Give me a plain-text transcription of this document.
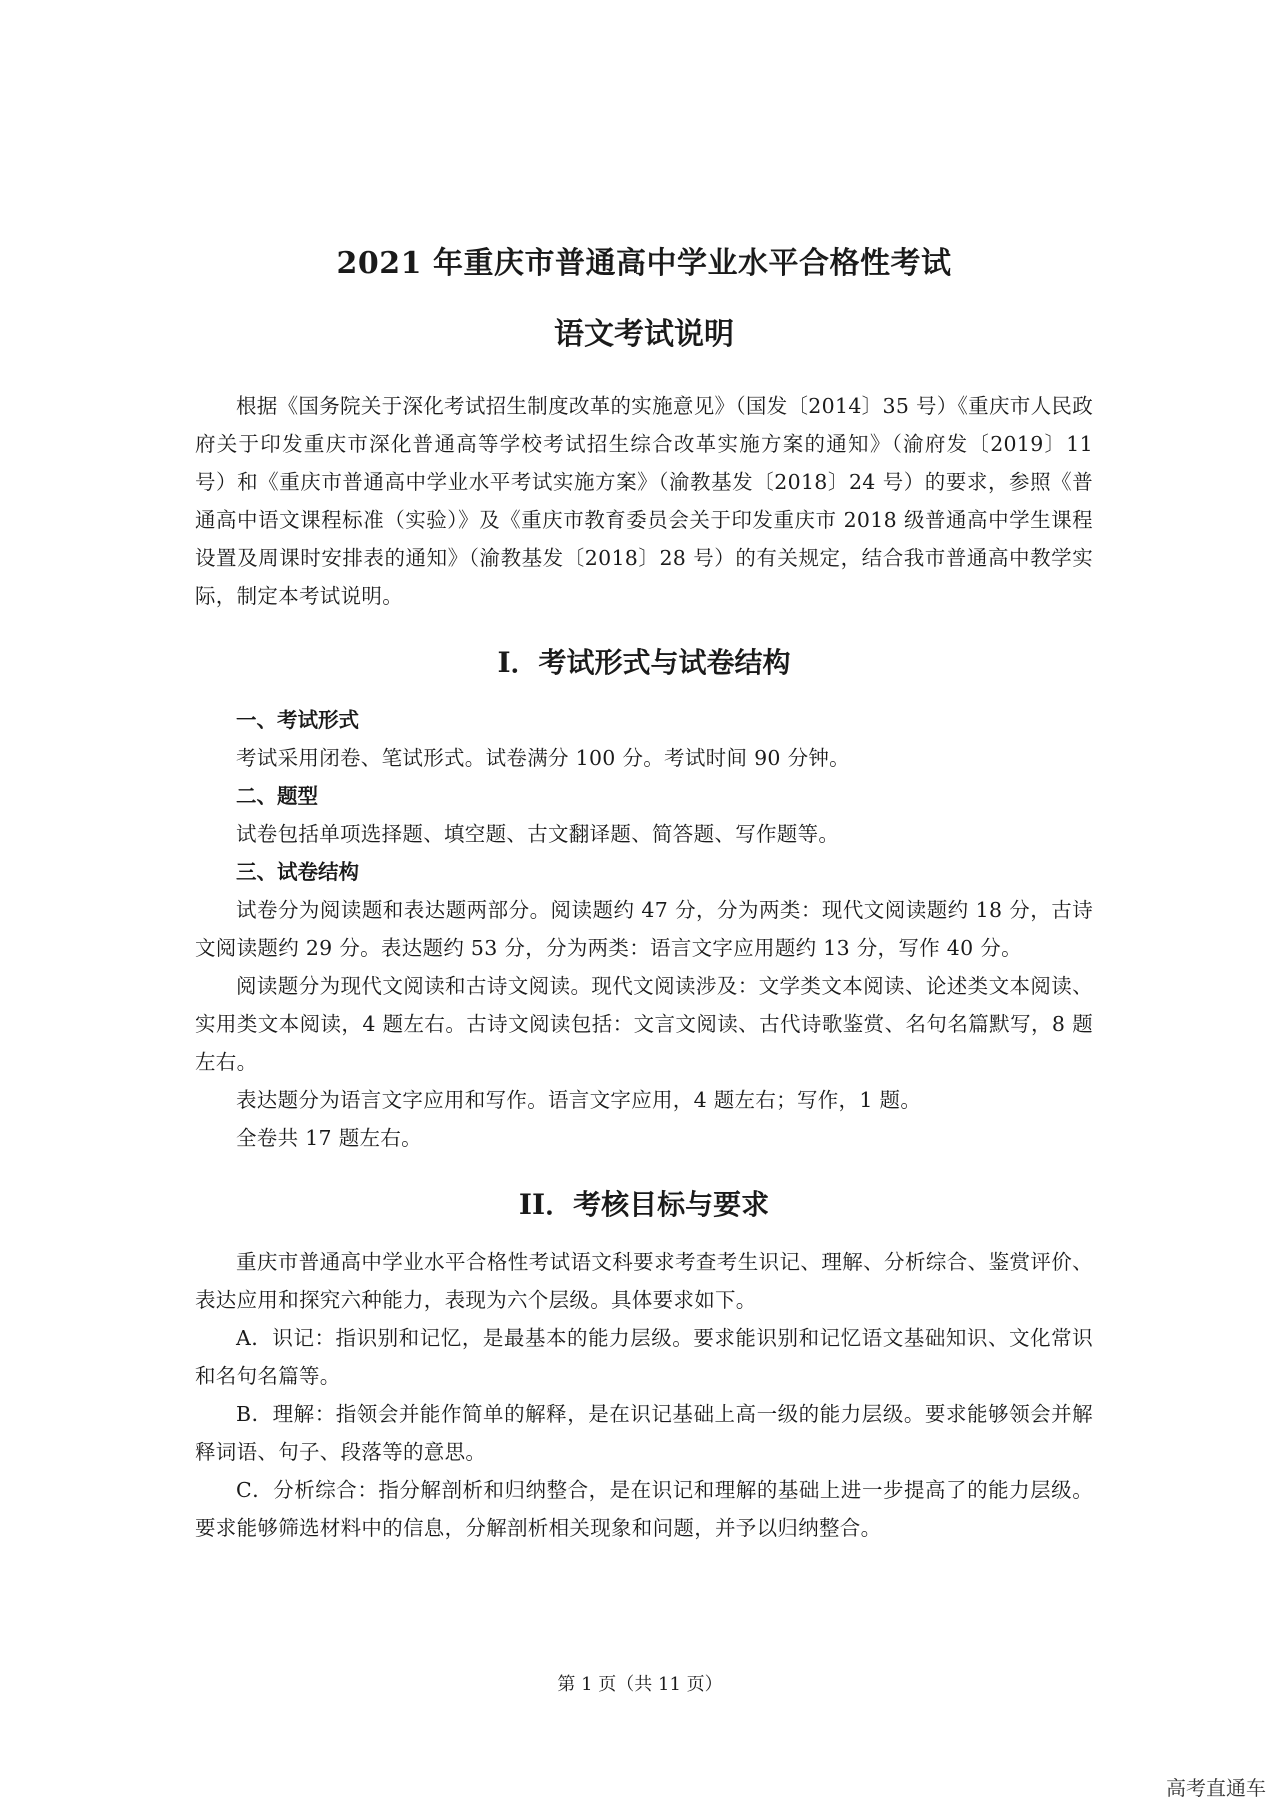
2021 年重庆市普通高中学业水平合格性考试
语文考试说明

根据《国务院关于深化考试招生制度改革的实施意见》（国发〔2014〕35 号）《重庆市人民政府关于印发重庆市深化普通高等学校考试招生综合改革实施方案的通知》（渝府发〔2019〕11 号）和《重庆市普通高中学业水平考试实施方案》（渝教基发〔2018〕24 号）的要求，参照《普通高中语文课程标准（实验）》及《重庆市教育委员会关于印发重庆市 2018 级普通高中学生课程设置及周课时安排表的通知》（渝教基发〔2018〕28 号）的有关规定，结合我市普通高中教学实际，制定本考试说明。

I．考试形式与试卷结构

一、考试形式

考试采用闭卷、笔试形式。试卷满分 100 分。考试时间 90 分钟。

二、题型

试卷包括单项选择题、填空题、古文翻译题、简答题、写作题等。

三、试卷结构

试卷分为阅读题和表达题两部分。阅读题约 47 分，分为两类：现代文阅读题约 18 分，古诗文阅读题约 29 分。表达题约 53 分，分为两类：语言文字应用题约 13 分，写作 40 分。

阅读题分为现代文阅读和古诗文阅读。现代文阅读涉及：文学类文本阅读、论述类文本阅读、实用类文本阅读，4 题左右。古诗文阅读包括：文言文阅读、古代诗歌鉴赏、名句名篇默写，8 题左右。

表达题分为语言文字应用和写作。语言文字应用，4 题左右；写作，1 题。

全卷共 17 题左右。

II．考核目标与要求

重庆市普通高中学业水平合格性考试语文科要求考查考生识记、理解、分析综合、鉴赏评价、表达应用和探究六种能力，表现为六个层级。具体要求如下。

A．识记：指识别和记忆，是最基本的能力层级。要求能识别和记忆语文基础知识、文化常识和名句名篇等。

B．理解：指领会并能作简单的解释，是在识记基础上高一级的能力层级。要求能够领会并解释词语、句子、段落等的意思。

C．分析综合：指分解剖析和归纳整合，是在识记和理解的基础上进一步提高了的能力层级。要求能够筛选材料中的信息，分解剖析相关现象和问题，并予以归纳整合。

第 1 页（共 11 页）
高考直通车
